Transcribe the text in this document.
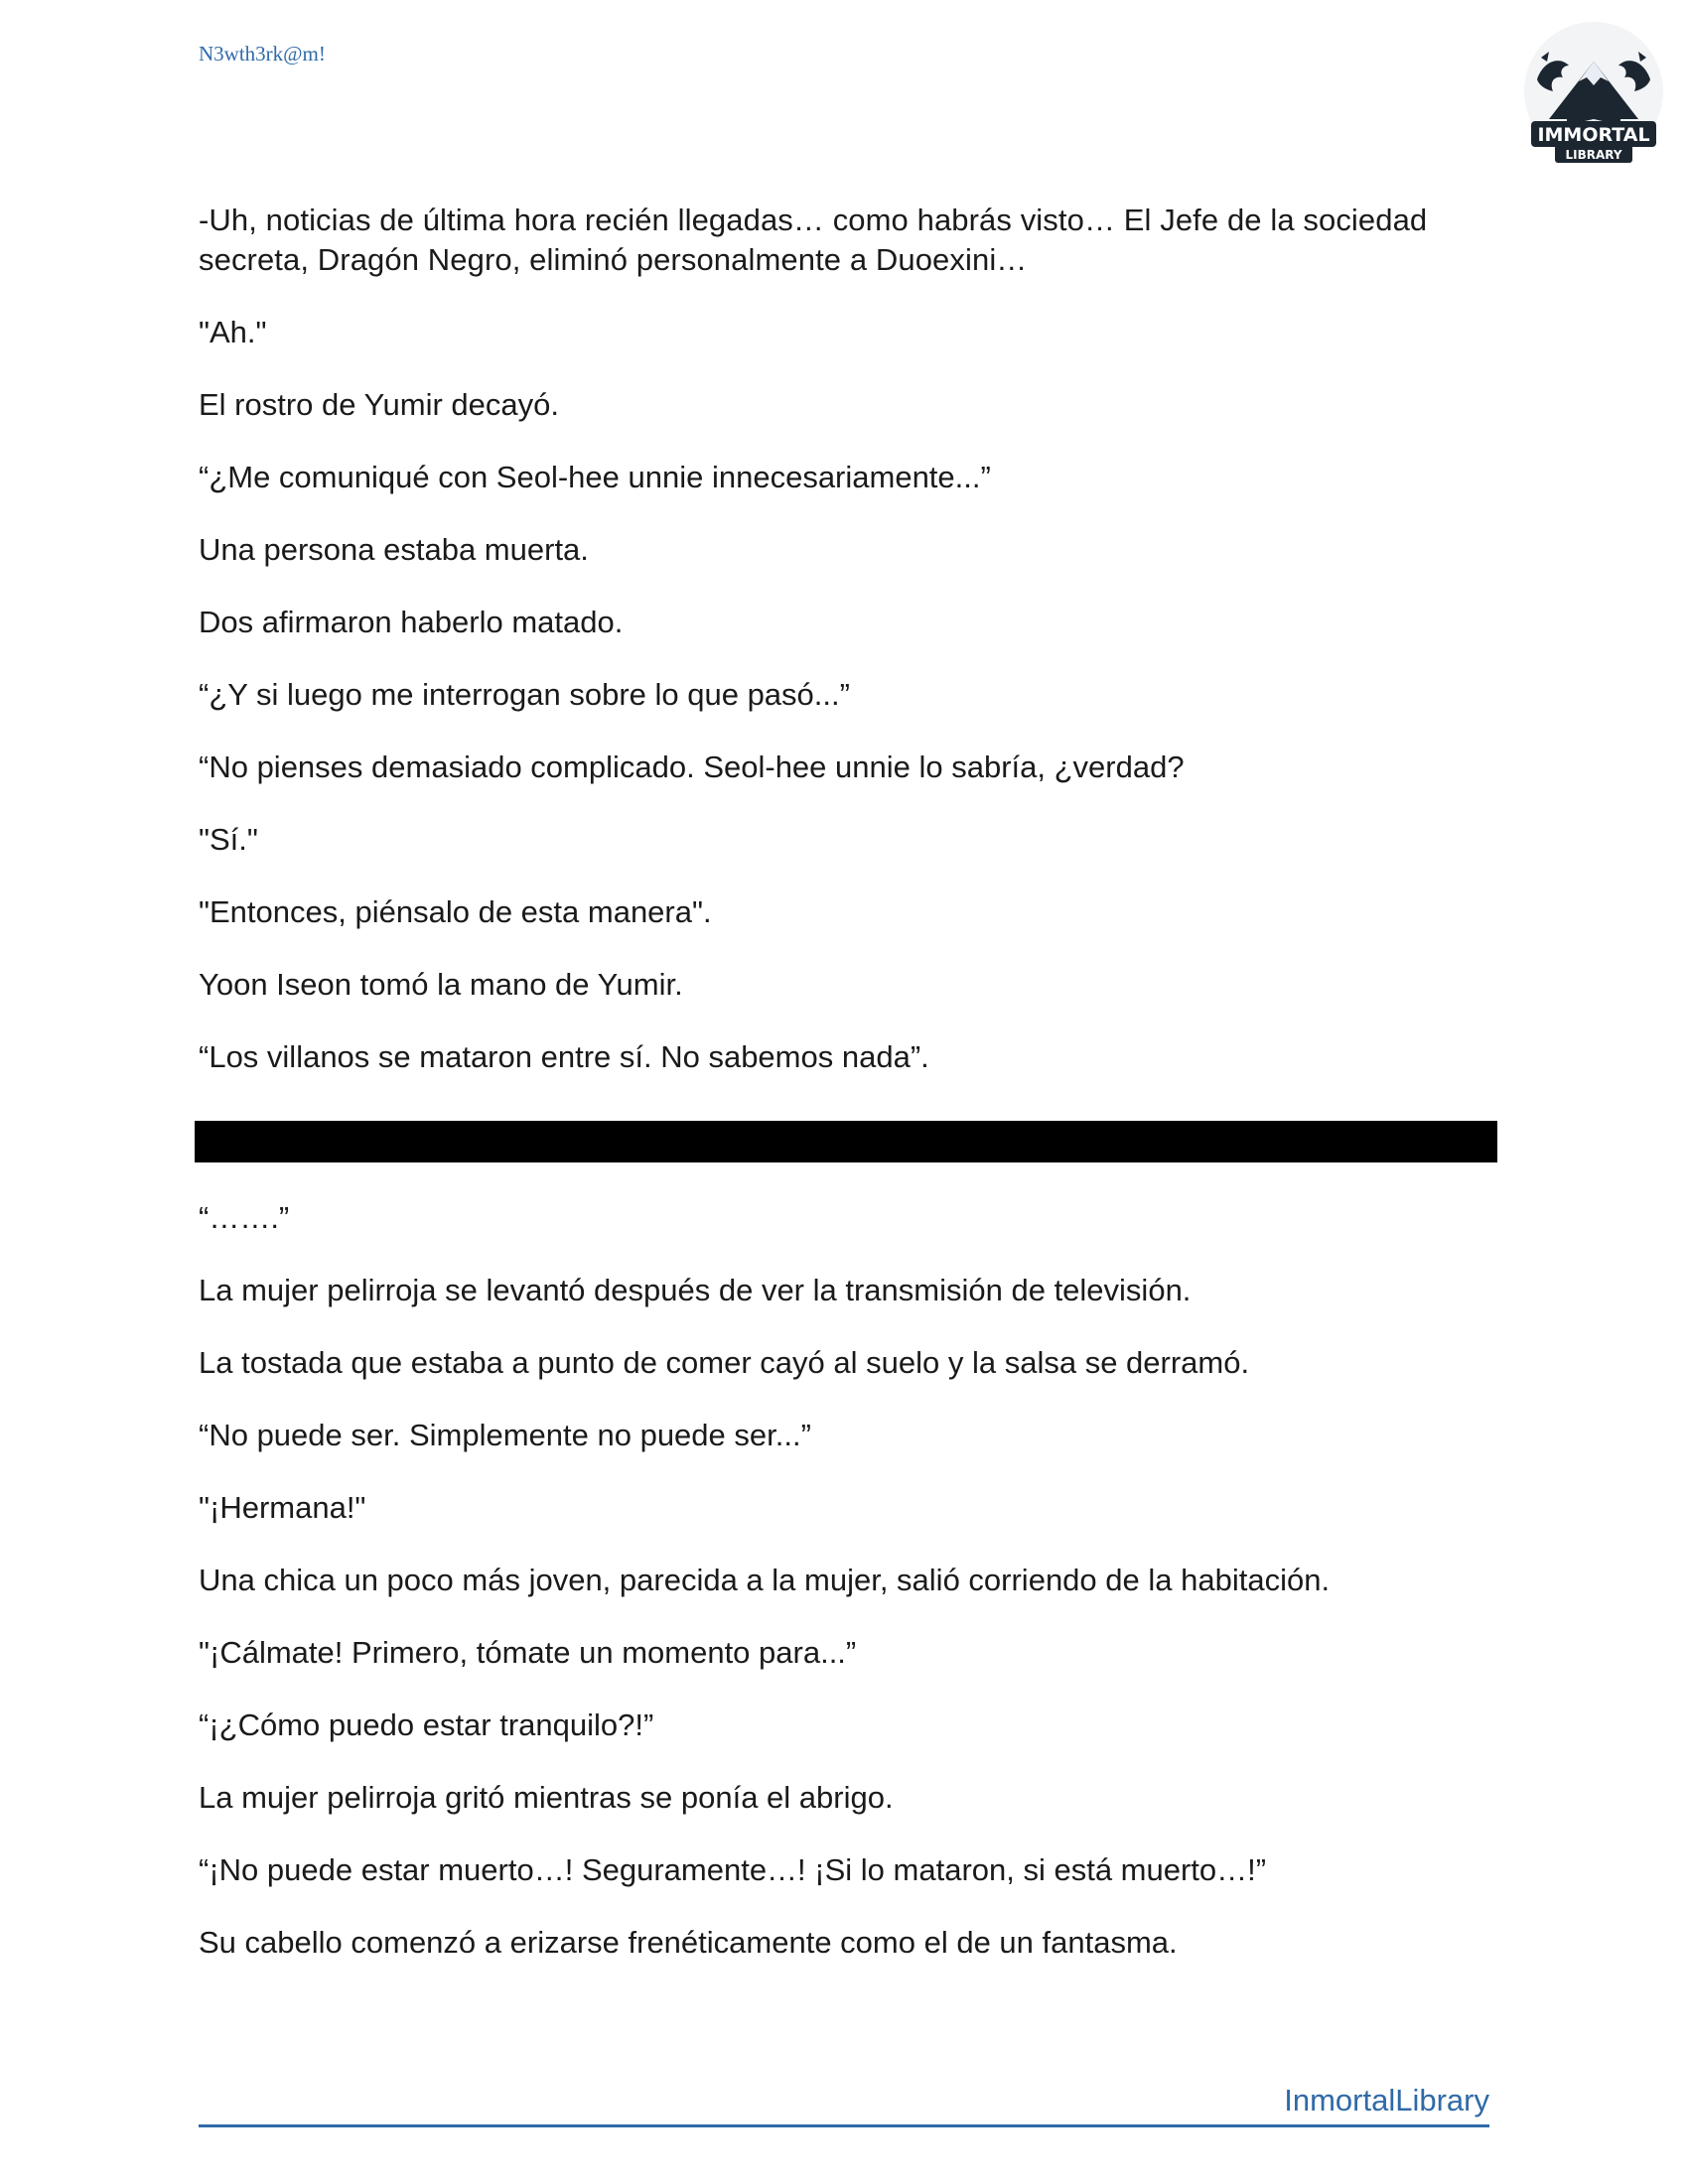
N3wth3rk@m!
IMMORTAL
LIBRARY

-Uh, noticias de última hora recién llegadas… como habrás visto… El Jefe de la sociedad secreta, Dragón Negro, eliminó personalmente a Duoexini…

"Ah."

El rostro de Yumir decayó.

“¿Me comuniqué con Seol-hee unnie innecesariamente...”

Una persona estaba muerta.

Dos afirmaron haberlo matado.

“¿Y si luego me interrogan sobre lo que pasó...”

“No pienses demasiado complicado. Seol-hee unnie lo sabría, ¿verdad?

"Sí."

"Entonces, piénsalo de esta manera".

Yoon Iseon tomó la mano de Yumir.

“Los villanos se mataron entre sí. No sabemos nada”.

“…….”

La mujer pelirroja se levantó después de ver la transmisión de televisión.

La tostada que estaba a punto de comer cayó al suelo y la salsa se derramó.

“No puede ser. Simplemente no puede ser...”

"¡Hermana!"

Una chica un poco más joven, parecida a la mujer, salió corriendo de la habitación.

"¡Cálmate! Primero, tómate un momento para...”

“¡¿Cómo puedo estar tranquilo?!”

La mujer pelirroja gritó mientras se ponía el abrigo.

“¡No puede estar muerto…! Seguramente…! ¡Si lo mataron, si está muerto…!”

Su cabello comenzó a erizarse frenéticamente como el de un fantasma.

InmortalLibrary
